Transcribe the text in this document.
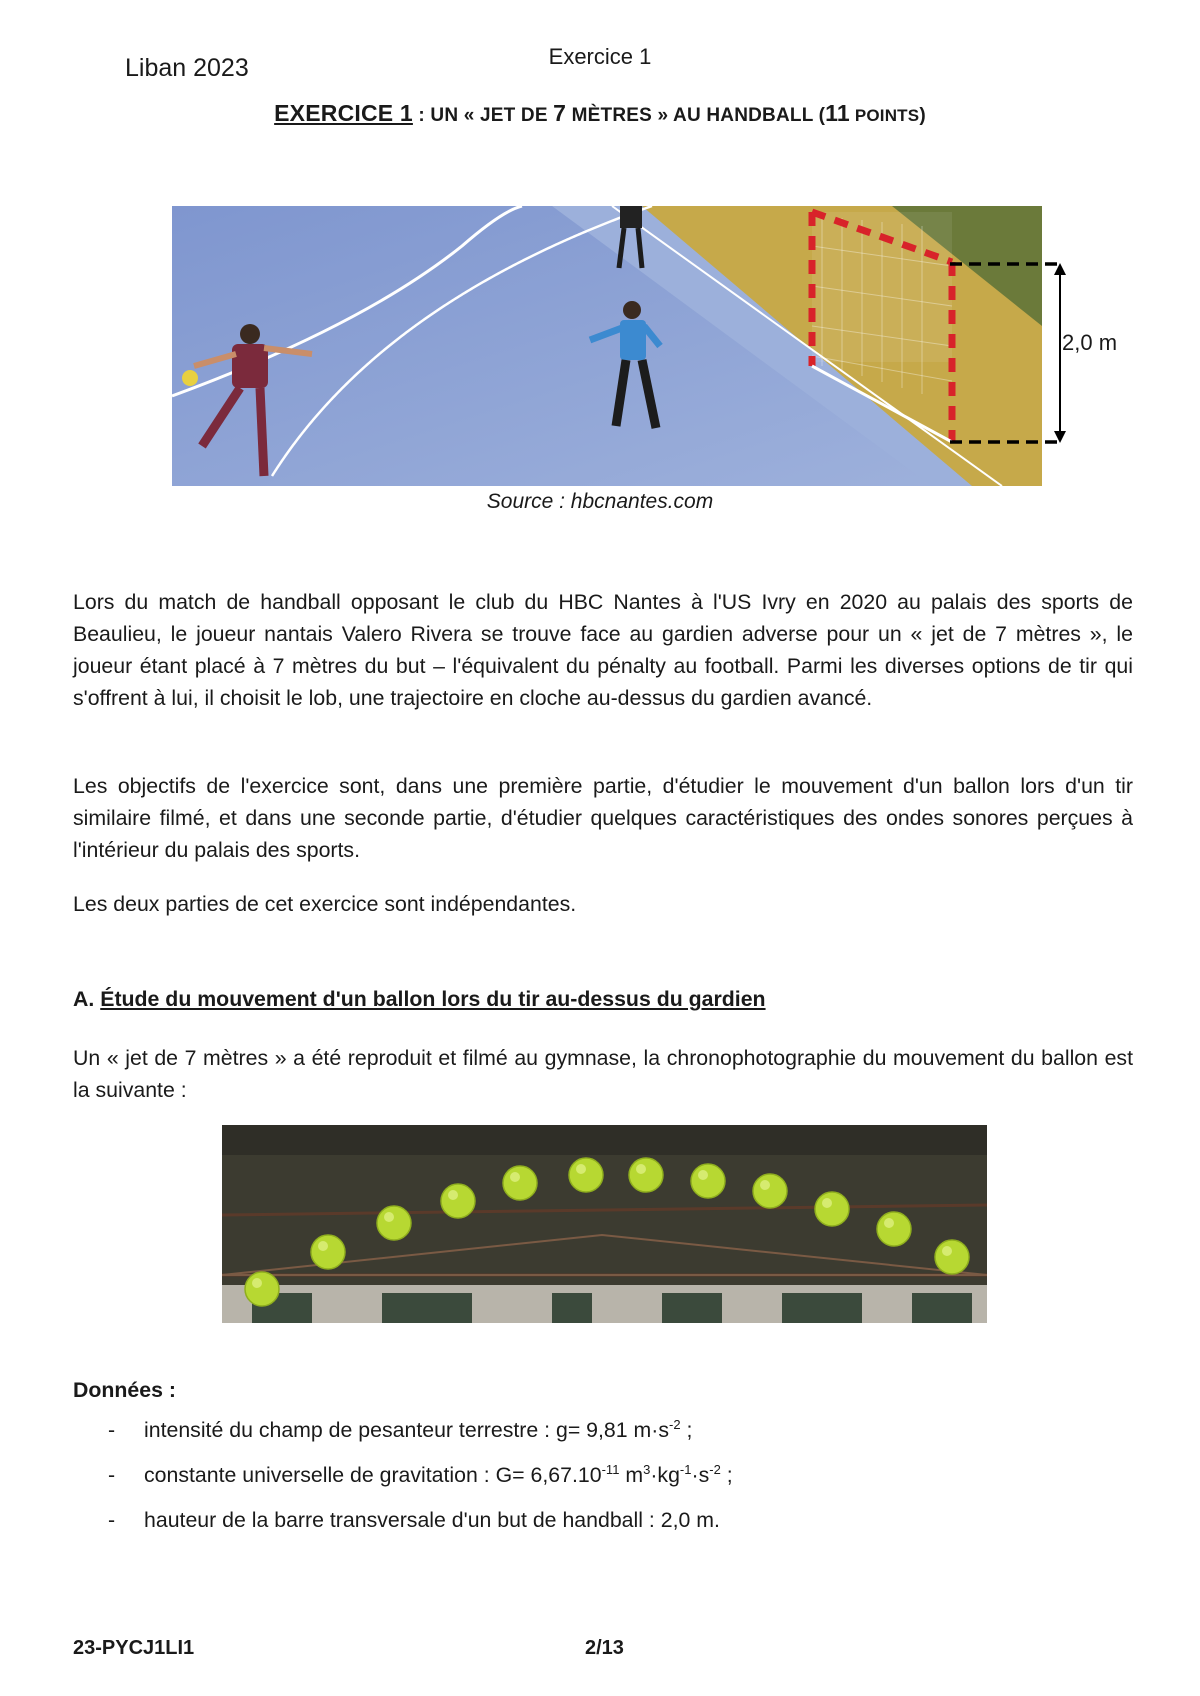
Liban 2023	Exercice 1
EXERCICE 1 : UN « JET DE 7 MÈTRES » AU HANDBALL (11 POINTS)
2,0 m
Source : hbcnantes.com

Lors du match de handball opposant le club du HBC Nantes à l'US Ivry en 2020 au palais des sports de Beaulieu, le joueur nantais Valero Rivera se trouve face au gardien adverse pour un « jet de 7 mètres », le joueur étant placé à 7 mètres du but – l'équivalent du pénalty au football. Parmi les diverses options de tir qui s'offrent à lui, il choisit le lob, une trajectoire en cloche au-dessus du gardien avancé.

Les objectifs de l'exercice sont, dans une première partie, d'étudier le mouvement d'un ballon lors d'un tir similaire filmé, et dans une seconde partie, d'étudier quelques caractéristiques des ondes sonores perçues à l'intérieur du palais des sports.

Les deux parties de cet exercice sont indépendantes.

A. Étude du mouvement d'un ballon lors du tir au-dessus du gardien

Un « jet de 7 mètres » a été reproduit et filmé au gymnase, la chronophotographie du mouvement du ballon est la suivante :

Données :
-	intensité du champ de pesanteur terrestre : g= 9,81 $m\cdot s^{-2}$ ;
-	constante universelle de gravitation : $G= 6,67.10^{-11}$ $m^3\cdot kg^{-1}\cdot s^{-2}$ ;
-	hauteur de la barre transversale d'un but de handball : 2,0 m.
23-PYCJ1LI1	2/13
